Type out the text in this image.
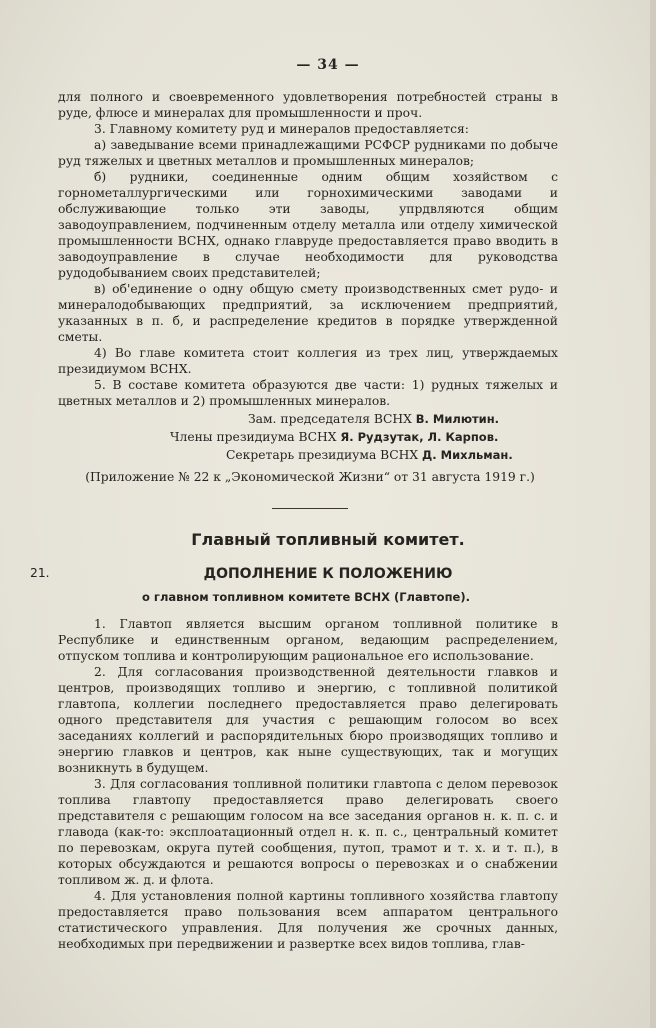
— 34 —

для полного и своевременного удовлетворения потребностей страны в руде, флюсе и минералах для промышленности и проч.

3. Главному комитету руд и минералов предоставляется:

а) заведывание всеми принадлежащими РСФСР рудниками по добыче руд тяжелых и цветных металлов и промышленных минералов;

б) рудники, соединенные одним общим хозяйством с горнометаллургическими или горнохимическими заводами и обслуживающие только эти заводы, упрдвляются общим заводоуправлением, подчиненным отделу металла или отделу химической промышленности ВСНХ, однако главруде предоставляется право вводить в заводоуправление в случае необходимости для руководства рудодобыванием своих представителей;

в) об'единение о одну общую смету производственных смет рудо- и минералодобывающих предприятий, за исключением предприятий, указанных в п. б, и распределение кредитов в порядке утвержденной сметы.

4) Во главе комитета стоит коллегия из трех лиц, утверждаемых президиумом ВСНХ.

5. В составе комитета образуются две части: 1) рудных тяжелых и цветных металлов и 2) промышленных минералов.

Зам. председателя ВСНХ В. Милютин.
Члены президиума ВСНХ Я. Рудзутак, Л. Карпов.
Секретарь президиума ВСНХ Д. Михльман.
(Приложение № 22 к „Экономической Жизни“ от 31 августа 1919 г.)
Главный топливный комитет.
21.	ДОПОЛНЕНИЕ К ПОЛОЖЕНИЮ
о главном топливном комитете ВСНХ (Главтопе).

1. Главтоп является высшим органом топливной политике в Республике и единственным органом, ведающим распределением, отпуском топлива и контролирующим рациональное его использование.

2. Для согласования производственной деятельности главков и центров, производящих топливо и энергию, с топливной политикой главтопа, коллегии последнего предоставляется право делегировать одного представителя для участия с решающим голосом во всех заседаниях коллегий и распорядительных бюро производящих топливо и энергию главков и центров, как ныне существующих, так и могущих возникнуть в будущем.

3. Для согласования топливной политики главтопа с делом перевозок топлива главтопу предоставляется право делегировать своего представителя с решающим голосом на все заседания органов н. к. п. с. и главода (как-то: эксплоатационный отдел н. к. п. с., центральный комитет по перевозкам, округа путей сообщения, путоп, трамот и т. х. и т. п.), в которых обсуждаются и решаются вопросы о перевозках и о снабжении топливом ж. д. и флота.

4. Для установления полной картины топливного хозяйства главтопу предоставляется право пользования всем аппаратом центрального статистического управления. Для получения же срочных данных, необходимых при передвижении и развертке всех видов топлива, глав-
